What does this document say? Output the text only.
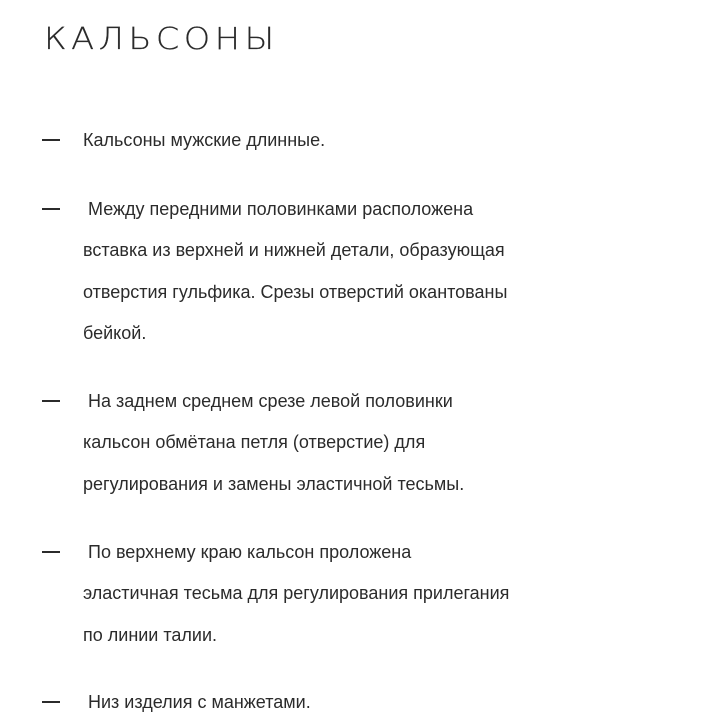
КАЛЬСОНЫ
Кальсоны мужские длинные.
Между передними половинками расположена
вставка из верхней и нижней детали, образующая
отверстия гульфика. Срезы отверстий окантованы
бейкой.
На заднем среднем срезе левой половинки
кальсон обмётана петля (отверстие) для
регулирования и замены эластичной тесьмы.
По верхнему краю кальсон проложена
эластичная тесьма для регулирования прилегания
по линии талии.
Низ изделия с манжетами.
